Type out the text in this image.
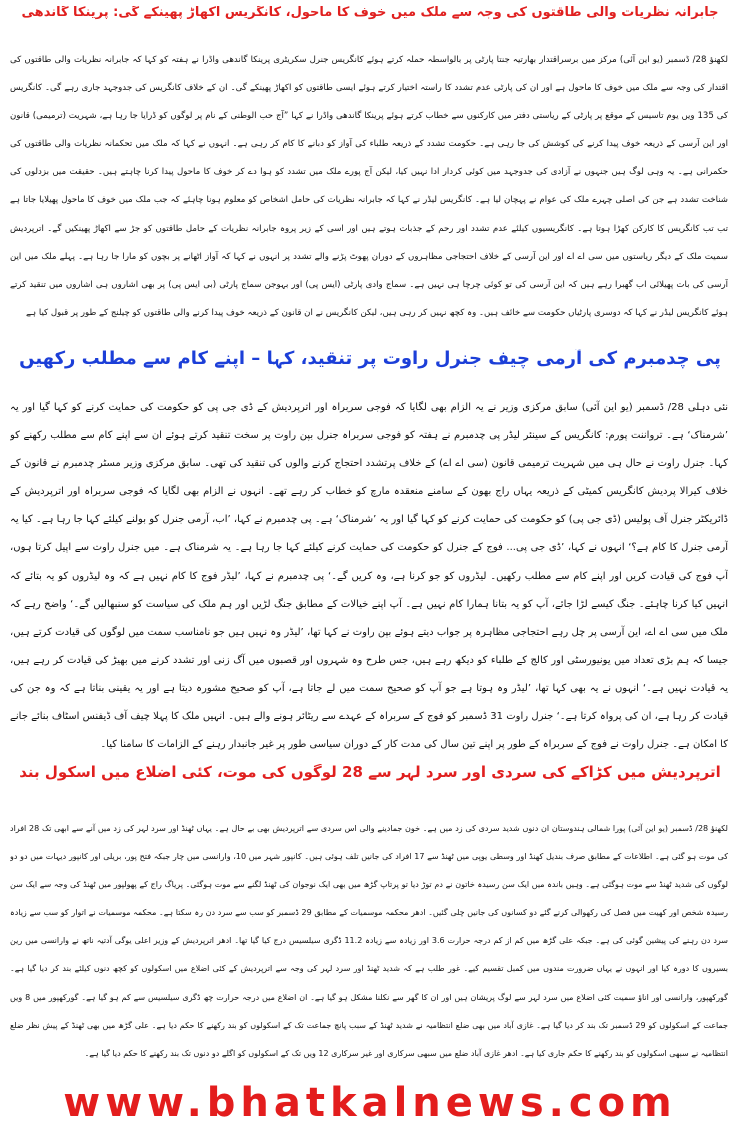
جابرانہ نظریات والی طاقتوں کی وجہ سے ملک میں خوف کا ماحول، کانگریس اکھاڑ پھینکے گی: پرینکا گاندھی

لکھنؤ 28/ ڈسمبر (یو این آئی) مرکز میں برسراقتدار بھارتیہ جنتا پارٹی پر بالواسطہ حملہ کرتے ہوئے کانگریس جنرل سکریٹری پرینکا گاندھی واڈرا نے ہفتہ کو کہا کہ جابرانہ نظریات والی طاقتوں کی اقتدار کی وجہ سے ملک میں خوف کا ماحول ہے اور ان کی پارٹی عدم تشدد کا راستہ اختیار کرتے ہوئے ایسی طاقتوں کو اکھاڑ پھینکے گی۔ ان کے خلاف کانگریس کی جدوجہد جاری رہے گی۔ کانگریس کی 135 ویں یوم تاسیس کے موقع پر پارٹی کے ریاستی دفتر میں کارکنوں سے خطاب کرتے ہوئے پرینکا گاندھی واڈرا نے کہا ”آج حب الوطنی کے نام پر لوگوں کو ڈرایا جا رہا ہے، شہریت (ترمیمی) قانون اور این آرسی کے ذریعہ خوف پیدا کرنے کی کوشش کی جا رہی ہے۔ حکومت تشدد کے ذریعہ طلباء کی آواز کو دبانے کا کام کر رہی ہے۔ انہوں نے کہا کہ ملک میں تحکمانہ نظریات والی طاقتوں کی حکمرانی ہے۔ یہ وہی لوگ ہیں جنہوں نے آزادی کی جدوجہد میں کوئی کردار ادا نہیں کیا، لیکن آج پورے ملک میں تشدد کو ہوا دے کر خوف کا ماحول پیدا کرنا چاہتے ہیں۔ حقیقت میں بزدلوں کی شناخت تشدد ہے جن کی اصلی چہرے ملک کی عوام نے پہچان لیا ہے۔ کانگریس لیڈر نے کہا کہ جابرانہ نظریات کی حامل اشخاص کو معلوم ہونا چاہئے کہ جب ملک میں خوف کا ماحول پھیلایا جاتا ہے تب تب کانگریس کا کارکن کھڑا ہوتا ہے۔ کانگریسیوں کیلئے عدم تشدد اور رحم کے جذبات ہوتے ہیں اور اسی کے زیر پروہ جابرانہ نظریات کے حامل طاقتوں کو جڑ سے اکھاڑ پھینکیں گے۔ اترپردیش سمیت ملک کے دیگر ریاستوں میں سی اے اے اور این آرسی کے خلاف احتجاجی مظاہروں کے دوران پھوٹ پڑنے والے تشدد پر انہوں نے کہا کہ آواز اٹھانے پر بچوں کو مارا جا رہا ہے۔ پہلے ملک میں این آرسی کی بات پھیلائی اب گھبرا رہے ہیں کہ این آرسی کی تو کوئی چرچا ہی نہیں ہے۔ سماج وادی پارٹی (ایس پی) اور بہوجن سماج پارٹی (بی ایس پی) پر بھی اشاروں ہی اشاروں میں تنقید کرتے ہوئے کانگریس لیڈر نے کہا کہ دوسری پارٹیاں حکومت سے خائف ہیں۔ وہ کچھ نہیں کر رہی ہیں، لیکن کانگریس نے ان قانون کے ذریعہ خوف پیدا کرنے والی طاقتوں کو چیلنج کے طور پر قبول کیا ہے

پی چدمبرم کی آرمی چیف جنرل راوت پر تنقید، کہا – اپنے کام سے مطلب رکھیں

نئی دہلی 28/ ڈسمبر (یو این آئی) سابق مرکزی وزیر نے یہ الزام بھی لگایا کہ فوجی سربراہ اور اترپردیش کے ڈی جی پی کو حکومت کی حمایت کرنے کو کہا گیا اور یہ ’شرمناک‘ ہے۔ ترواننت پورم: کانگریس کے سینئر لیڈر پی چدمبرم نے ہفتہ کو فوجی سربراہ جنرل بپن راوت پر سخت تنقید کرتے ہوئے ان سے اپنے کام سے مطلب رکھنے کو کہا۔ جنرل راوت نے حال ہی میں شہریت ترمیمی قانون (سی اے اے) کے خلاف پرتشدد احتجاج کرنے والوں کی تنقید کی تھی۔ سابق مرکزی وزیر مسٹر چدمبرم نے قانون کے خلاف کیرالا پردیش کانگریس کمیٹی کے ذریعہ یہاں راج بھون کے سامنے منعقدہ مارچ کو خطاب کر رہے تھے۔ انہوں نے الزام بھی لگایا کہ فوجی سربراہ اور اترپردیش کے ڈائریکٹر جنرل آف پولیس (ڈی جی پی) کو حکومت کی حمایت کرنے کو کہا گیا اور یہ ’شرمناک‘ ہے۔ پی چدمبرم نے کہا، ’اب، آرمی جنرل کو بولنے کیلئے کہا جا رہا ہے۔ کیا یہ آرمی جنرل کا کام ہے؟‘ انہوں نے کہا، ’ڈی جی پی... فوج کے جنرل کو حکومت کی حمایت کرنے کیلئے کہا جا رہا ہے۔ یہ شرمناک ہے۔ میں جنرل راوت سے اپیل کرتا ہوں، آپ فوج کی قیادت کریں اور اپنے کام سے مطلب رکھیں۔ لیڈروں کو جو کرنا ہے، وہ کریں گے۔‘ پی چدمبرم نے کہا، ’لیڈر فوج کا کام نہیں ہے کہ وہ لیڈروں کو یہ بتائے کہ انہیں کیا کرنا چاہئے۔ جنگ کیسے لڑا جائے، آپ کو یہ بتانا ہمارا کام نہیں ہے۔ آپ اپنے خیالات کے مطابق جنگ لڑیں اور ہم ملک کی سیاست کو سنبھالیں گے۔‘ واضح رہے کہ ملک میں سی اے اے، این آرسی پر چل رہے احتجاجی مظاہرہ پر جواب دیتے ہوئے بپن راوت نے کہا تھا، ’لیڈر وہ نہیں ہیں جو نامناسب سمت میں لوگوں کی قیادت کرتے ہیں، جیسا کہ ہم بڑی تعداد میں یونیورسٹی اور کالج کے طلباء کو دیکھ رہے ہیں، جس طرح وہ شہروں اور قصبوں میں آگ زنی اور تشدد کرنے میں بھیڑ کی قیادت کر رہے ہیں، یہ قیادت نہیں ہے۔‘ انہوں نے یہ بھی کہا تھا، ’لیڈر وہ ہوتا ہے جو آپ کو صحیح سمت میں لے جاتا ہے، آپ کو صحیح مشورہ دیتا ہے اور یہ یقینی بناتا ہے کہ وہ جن کی قیادت کر رہا ہے، ان کی پرواہ کرتا ہے۔‘ جنرل راوت 31 ڈسمبر کو فوج کے سربراہ کے عہدے سے ریٹائر ہونے والے ہیں۔ انہیں ملک کا پہلا چیف آف ڈیفنس اسٹاف بنائے جانے کا امکان ہے۔ جنرل راوت نے فوج کے سربراہ کے طور پر اپنے تین سال کی مدت کار کے دوران سیاسی طور پر غیر جانبدار رہنے کے الزامات کا سامنا کیا۔

اترپردیش میں کڑاکے کی سردی اور سرد لہر سے 28 لوگوں کی موت، کئی اضلاع میں اسکول بند

لکھنؤ 28/ ڈسمبر (یو این آئی) پورا شمالی ہندوستان ان دنوں شدید سردی کی زد میں ہے۔ خون جمادینے والی اس سردی سے اترپردیش بھی بے حال ہے۔ یہاں ٹھنڈ اور سرد لہر کی زد میں آنے سے ابھی تک 28 افراد کی موت ہو گئی ہے۔ اطلاعات کے مطابق صرف بندیل کھنڈ اور وسطی یوپی میں ٹھنڈ سے 17 افراد کی جانیں تلف ہوئی ہیں۔ کانپور شہر میں 10، وارانسی میں چار جبکہ فتح پور، بریلی اور کانپور دیہات میں دو دو لوگوں کی شدید ٹھنڈ سے موت ہوگئی ہے۔ وہیں باندہ میں ایک سن رسیدہ خاتون نے دم توڑ دیا تو پرتاپ گڑھ میں بھی ایک نوجوان کی ٹھنڈ لگنے سے موت ہوگئی۔ پریاگ راج کے پھولپور میں ٹھنڈ کی وجہ سے ایک سن رسیدہ شخص اور کھیت میں فصل کی رکھوالی کرنے گئے دو کسانوں کی جانیں چلی گئیں۔ ادھر محکمہ موسمیات کے مطابق 29 ڈسمبر کو سب سے سرد دن رہ سکتا ہے۔ محکمہ موسمیات نے اتوار کو سب سے زیادہ سرد دن رہنے کی پیشین گوئی کی ہے۔ جبکہ علی گڑھ میں کم از کم درجہ حرارت 3.6 اور زیادہ سے زیادہ 11.2 ڈگری سیلسیس درج کیا گیا تھا۔ ادھر اترپردیش کے وزیر اعلی یوگی آدتیہ ناتھ نے وارانسی میں رین بسیروں کا دورہ کیا اور انہوں نے یہاں ضرورت مندوں میں کمبل تقسیم کیے۔ غور طلب ہے کہ شدید ٹھنڈ اور سرد لہر کی وجہ سے اترپردیش کے کئی اضلاع میں اسکولوں کو کچھ دنوں کیلئے بند کر دیا گیا ہے۔ گورکھپور، وارانسی اور اناؤ سمیت کئی اضلاع میں سرد لہر سے لوگ پریشان ہیں اور ان کا گھر سے نکلنا مشکل ہو گیا ہے۔ ان اضلاع میں درجہ حرارت چھ ڈگری سیلسیس سے کم ہو گیا ہے۔ گورکھپور میں 8 ویں جماعت کے اسکولوں کو 29 ڈسمبر تک بند کر دیا گیا ہے۔ غازی آباد میں بھی ضلع انتظامیہ نے شدید ٹھنڈ کے سبب پانچ جماعت تک کے اسکولوں کو بند رکھنے کا حکم دیا ہے۔ علی گڑھ میں بھی ٹھنڈ کے پیش نظر ضلع انتظامیہ نے سبھی اسکولوں کو بند رکھنے کا حکم جاری کیا ہے۔ ادھر غازی آباد ضلع میں سبھی سرکاری اور غیر سرکاری 12 ویں تک کے اسکولوں کو اگلے دو دنوں تک بند رکھنے کا حکم دیا گیا ہے۔

www.bhatkalnews.com
